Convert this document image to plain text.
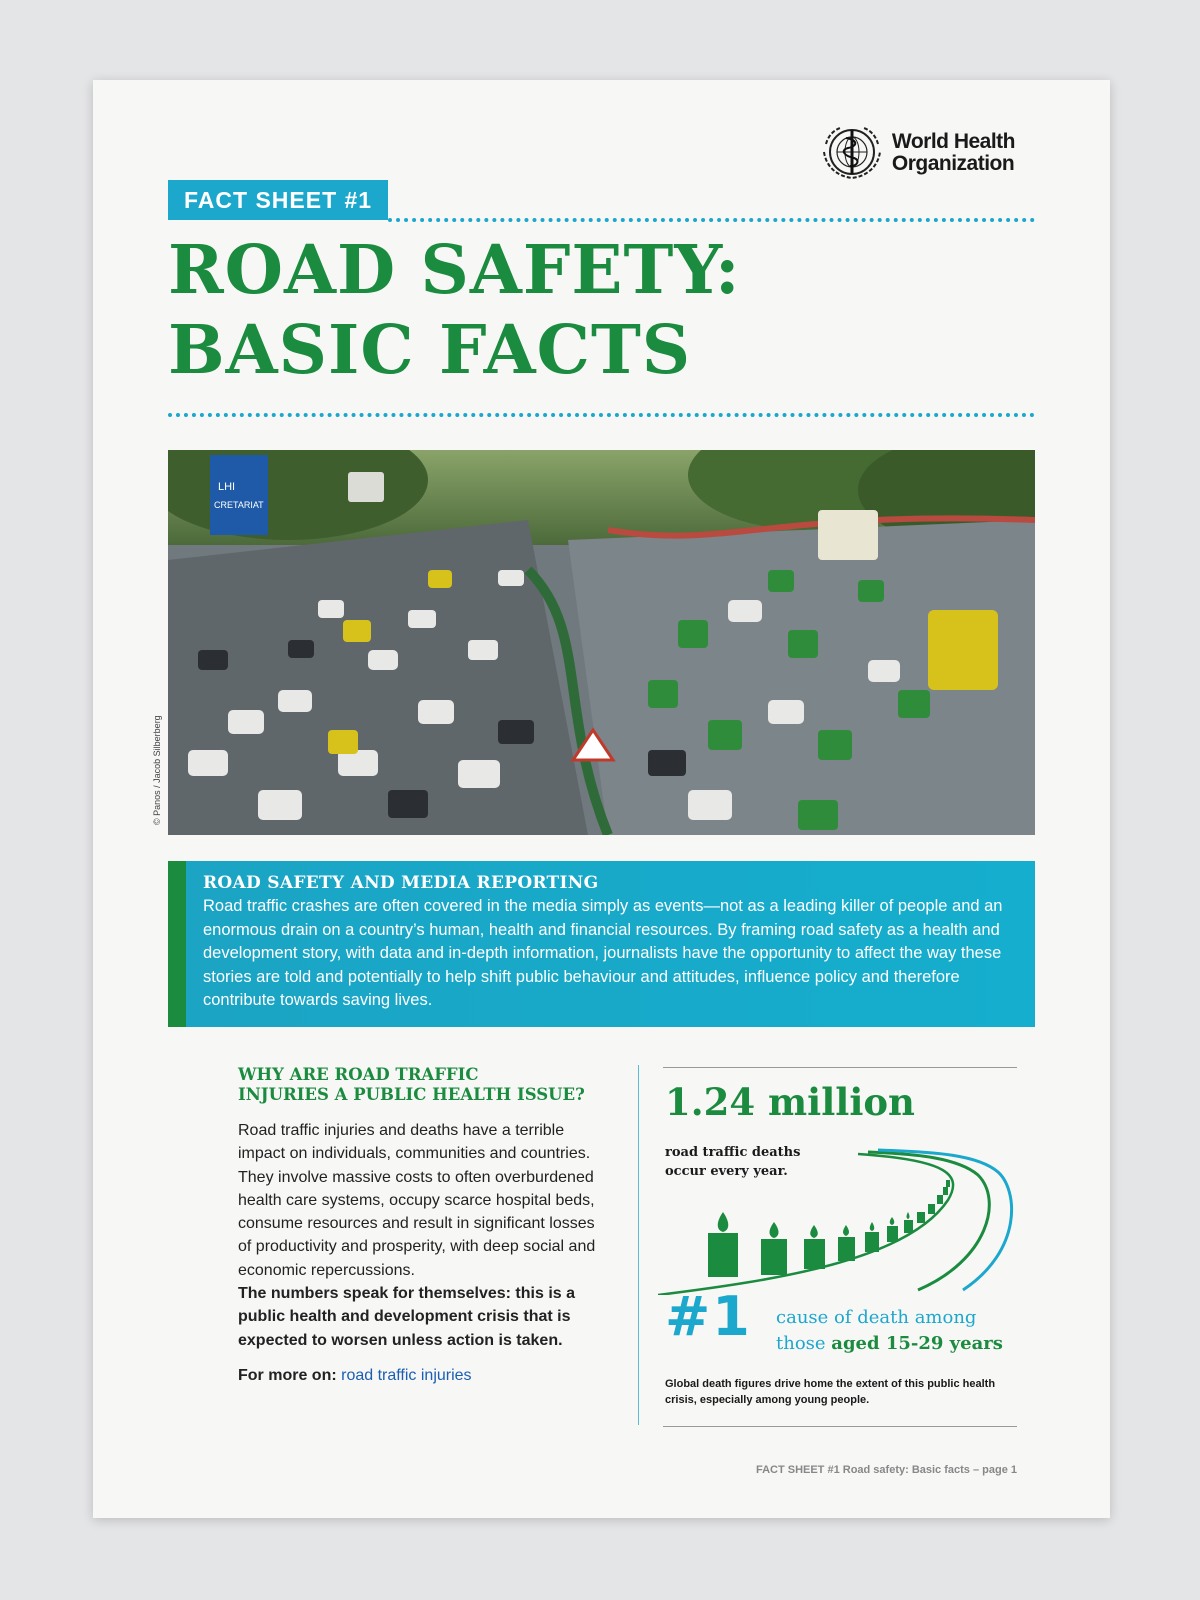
World Health
Organization
FACT SHEET #1
ROAD SAFETY:
BASIC FACTS
LHI
CRETARIAT
© Panos / Jacob Silberberg
ROAD SAFETY AND MEDIA REPORTING

Road traffic crashes are often covered in the media simply as events—not as a leading killer of people and an enormous drain on a country’s human, health and financial resources. By framing road safety as a health and development story, with data and in-depth information, journalists have the opportunity to affect the way these stories are told and potentially to help shift public behaviour and attitudes, influence policy and therefore contribute towards saving lives.

WHY ARE ROAD TRAFFIC
INJURIES A PUBLIC HEALTH ISSUE?

Road traffic injuries and deaths have a terrible impact on individuals, communities and countries. They involve massive costs to often overburdened health care systems, occupy scarce hospital beds, consume resources and result in significant losses of productivity and prosperity, with deep social and economic repercussions.

The numbers speak for themselves: this is a public health and development crisis that is expected to worsen unless action is taken.

For more on: road traffic injuries

1.24 million
road traffic deaths
occur every year.
#1 cause of death among
those aged 15-29 years
Global death figures drive home the extent of this public health crisis, especially among young people.
FACT SHEET #1 Road safety: Basic facts – page 1
